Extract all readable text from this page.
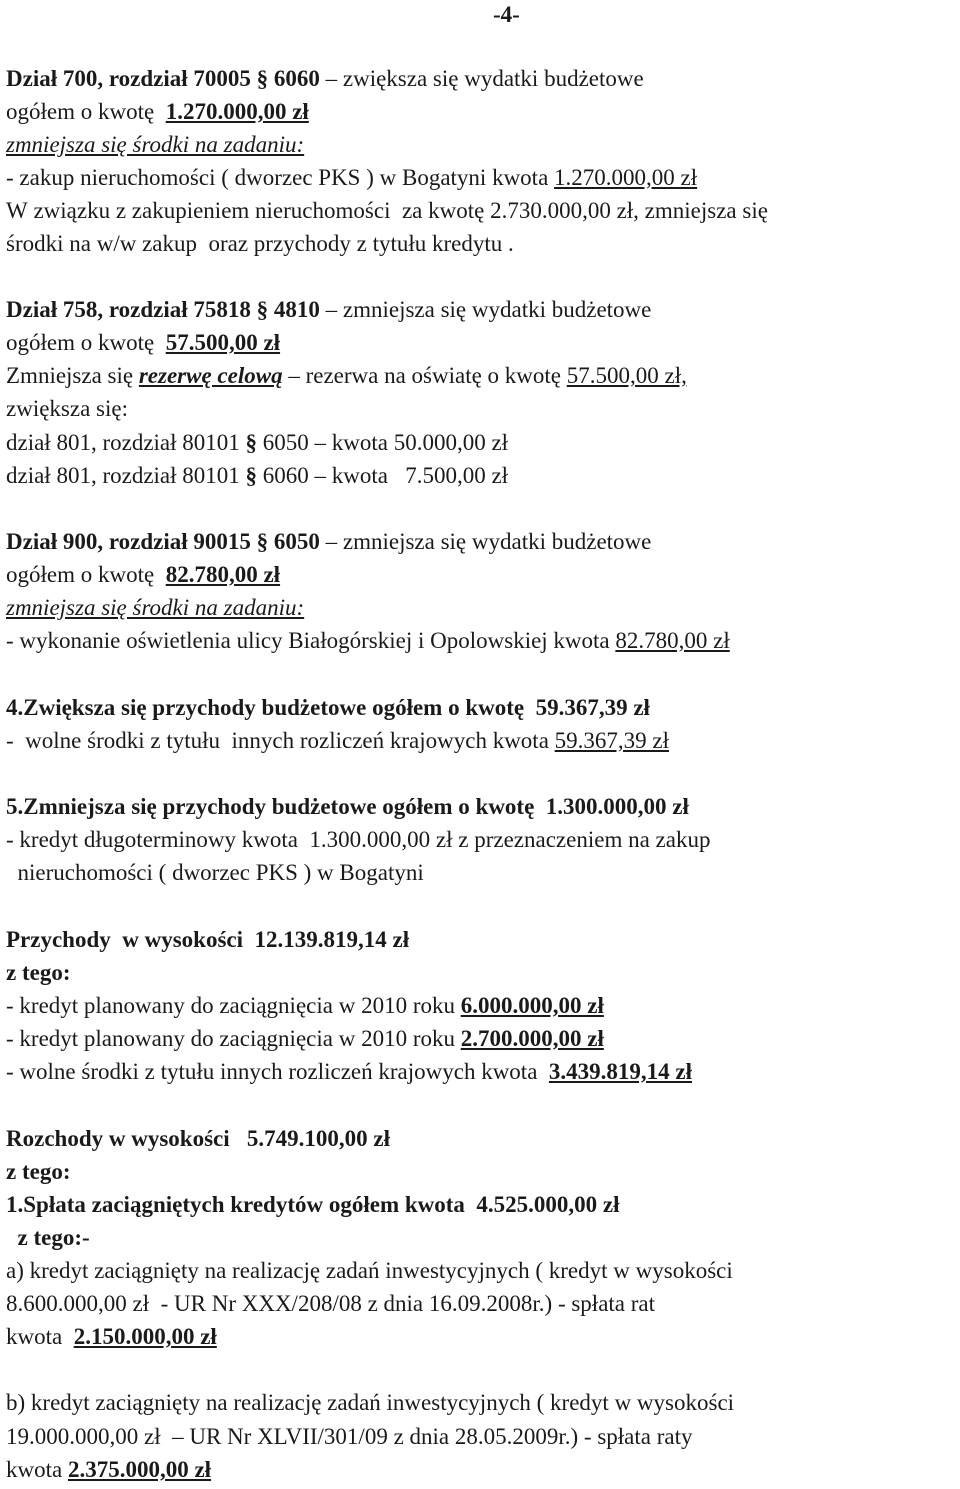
-4-
Dział 700, rozdział 70005 § 6060 – zwiększa się wydatki budżetowe
ogółem o kwotę  1.270.000,00 zł
zmniejsza się środki na zadaniu:
- zakup nieruchomości ( dworzec PKS ) w Bogatyni kwota 1.270.000,00 zł
W związku z zakupieniem nieruchomości  za kwotę 2.730.000,00 zł, zmniejsza się
środki na w/w zakup  oraz przychody z tytułu kredytu .
Dział 758, rozdział 75818 § 4810 – zmniejsza się wydatki budżetowe
ogółem o kwotę  57.500,00 zł
Zmniejsza się rezerwę celową – rezerwa na oświatę o kwotę 57.500,00 zł,
zwiększa się:
dział 801, rozdział 80101 § 6050 – kwota 50.000,00 zł
dział 801, rozdział 80101 § 6060 – kwota   7.500,00 zł
Dział 900, rozdział 90015 § 6050 – zmniejsza się wydatki budżetowe
ogółem o kwotę  82.780,00 zł
zmniejsza się środki na zadaniu:
- wykonanie oświetlenia ulicy Białogórskiej i Opolowskiej kwota 82.780,00 zł
4.Zwiększa się przychody budżetowe ogółem o kwotę  59.367,39 zł
-  wolne środki z tytułu  innych rozliczeń krajowych kwota 59.367,39 zł
5.Zmniejsza się przychody budżetowe ogółem o kwotę  1.300.000,00 zł
- kredyt długoterminowy kwota  1.300.000,00 zł z przeznaczeniem na zakup
nieruchomości ( dworzec PKS ) w Bogatyni
Przychody  w wysokości  12.139.819,14 zł
z tego:
- kredyt planowany do zaciągnięcia w 2010 roku 6.000.000,00 zł
- kredyt planowany do zaciągnięcia w 2010 roku 2.700.000,00 zł
- wolne środki z tytułu innych rozliczeń krajowych kwota  3.439.819,14 zł
Rozchody w wysokości   5.749.100,00 zł
z tego:
1.Spłata zaciągniętych kredytów ogółem kwota  4.525.000,00 zł
z tego:-
a) kredyt zaciągnięty na realizację zadań inwestycyjnych ( kredyt w wysokości
8.600.000,00 zł  - UR Nr XXX/208/08 z dnia 16.09.2008r.) - spłata rat
kwota  2.150.000,00 zł
b) kredyt zaciągnięty na realizację zadań inwestycyjnych ( kredyt w wysokości
19.000.000,00 zł  – UR Nr XLVII/301/09 z dnia 28.05.2009r.) - spłata raty
kwota 2.375.000,00 zł
